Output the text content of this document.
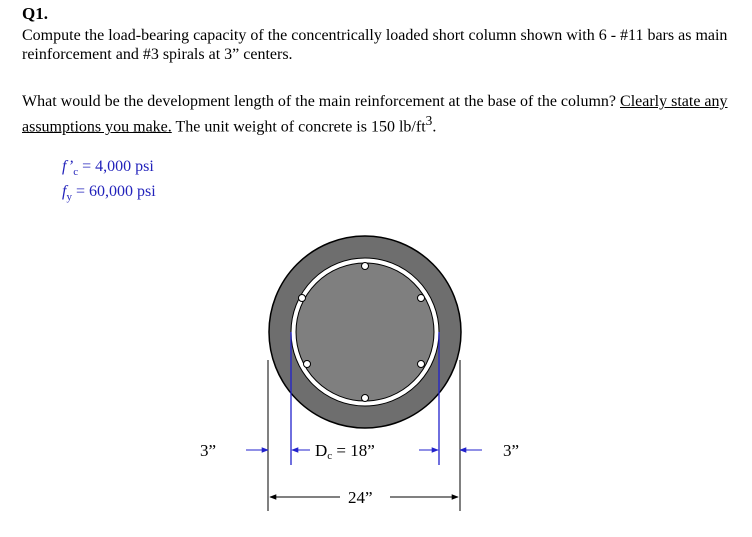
Q1.
Compute the load-bearing capacity of the concentrically loaded short column shown with 6 - #11 bars as main reinforcement and #3 spirals at 3” centers.
What would be the development length of the main reinforcement at the base of the column? Clearly state any assumptions you make. The unit weight of concrete is 150 $lb/ft^3$.
$f’_c = 4,000$ psi
$f_y = 60,000$ psi
3”	3”
Dc = 18”
24”
